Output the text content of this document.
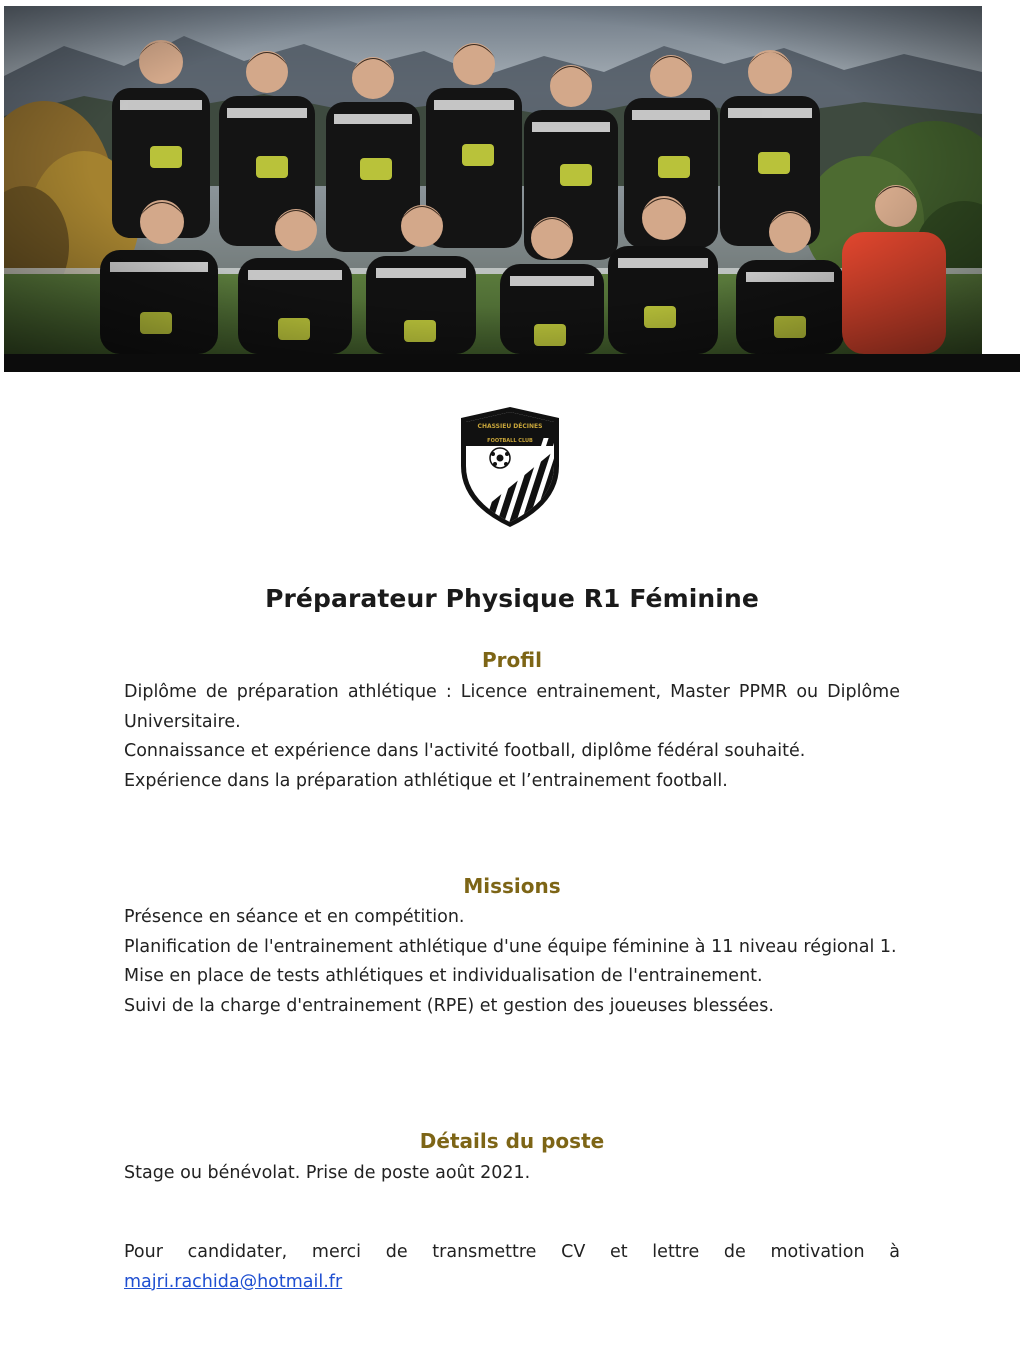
CHASSIEU DÉCINES
FOOTBALL CLUB
Préparateur Physique R1 Féminine
Profil

Diplôme de préparation athlétique : Licence entrainement, Master PPMR ou Diplôme Universitaire.

Connaissance et expérience dans l'activité football, diplôme fédéral souhaité.

Expérience dans la préparation athlétique et l’entrainement football.

Missions

Présence en séance et en compétition.

Planification de l'entrainement athlétique d'une équipe féminine à 11 niveau régional 1.

Mise en place de tests athlétiques et individualisation de l'entrainement.

Suivi de la charge d'entrainement (RPE) et gestion des joueuses blessées.

Détails du poste

Stage ou bénévolat. Prise de poste août 2021.

Pour candidater, merci de transmettre CV et lettre de motivation à

majri.rachida@hotmail.fr
